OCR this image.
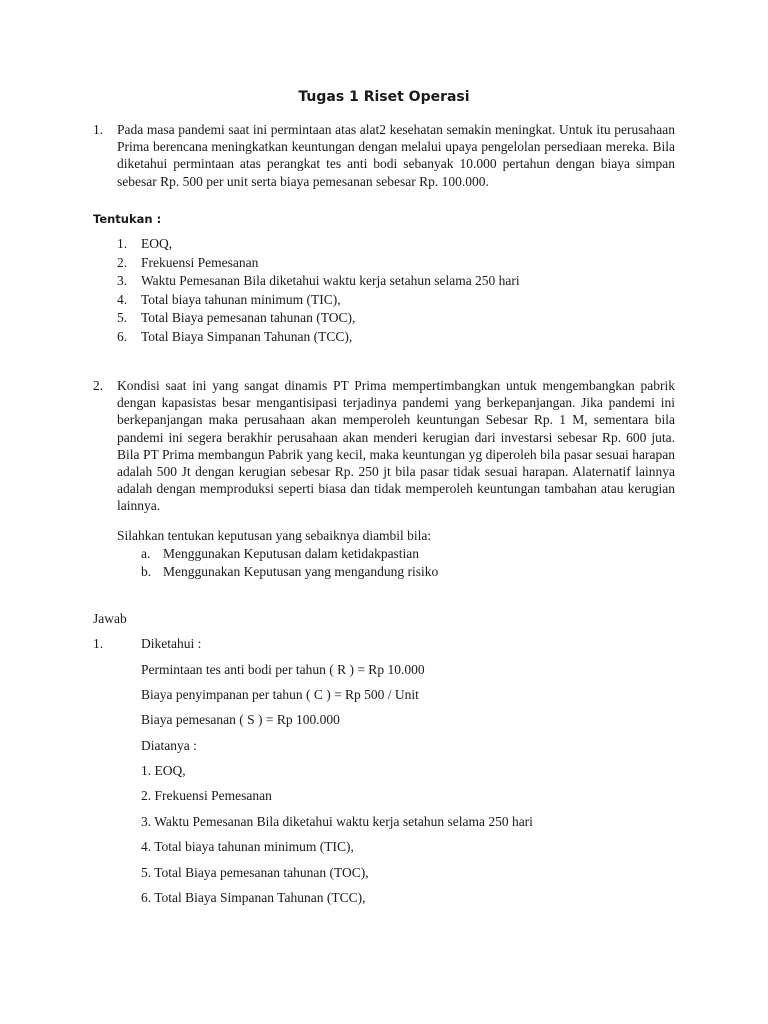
Tugas 1 Riset Operasi
1. Pada masa pandemi saat ini permintaan atas alat2 kesehatan semakin meningkat. Untuk itu perusahaan Prima berencana meningkatkan keuntungan dengan melalui upaya pengelolan persediaan mereka. Bila diketahui permintaan atas perangkat tes anti bodi sebanyak 10.000 pertahun dengan biaya simpan sebesar Rp. 500 per unit serta biaya pemesanan sebesar Rp. 100.000.
Tentukan :
1. EOQ,
2. Frekuensi Pemesanan
3. Waktu Pemesanan Bila diketahui waktu kerja setahun selama 250 hari
4. Total biaya tahunan minimum (TIC),
5. Total Biaya pemesanan tahunan (TOC),
6. Total Biaya Simpanan Tahunan (TCC),
2. Kondisi saat ini yang sangat dinamis PT Prima mempertimbangkan untuk mengembangkan pabrik dengan kapasistas besar mengantisipasi terjadinya pandemi yang berkepanjangan. Jika pandemi ini berkepanjangan maka perusahaan akan memperoleh keuntungan Sebesar Rp. 1 M, sementara bila pandemi ini segera berakhir perusahaan akan menderi kerugian dari investarsi sebesar Rp. 600 juta. Bila PT Prima membangun Pabrik yang kecil, maka keuntungan yg diperoleh bila pasar sesuai harapan adalah 500 Jt dengan kerugian sebesar Rp. 250 jt bila pasar tidak sesuai harapan. Alaternatif lainnya adalah dengan memproduksi seperti biasa dan tidak memperoleh keuntungan tambahan atau kerugian lainnya.
Silahkan tentukan keputusan yang sebaiknya diambil bila:
a. Menggunakan Keputusan dalam ketidakpastian
b. Menggunakan Keputusan yang mengandung risiko
Jawab
1.	Diketahui :
Permintaan tes anti bodi per tahun ( R ) = Rp 10.000
Biaya penyimpanan per tahun ( C ) = Rp 500 / Unit
Biaya pemesanan ( S ) = Rp 100.000
Diatanya :
1. EOQ,
2. Frekuensi Pemesanan
3. Waktu Pemesanan Bila diketahui waktu kerja setahun selama 250 hari
4. Total biaya tahunan minimum (TIC),
5. Total Biaya pemesanan tahunan (TOC),
6. Total Biaya Simpanan Tahunan (TCC),
